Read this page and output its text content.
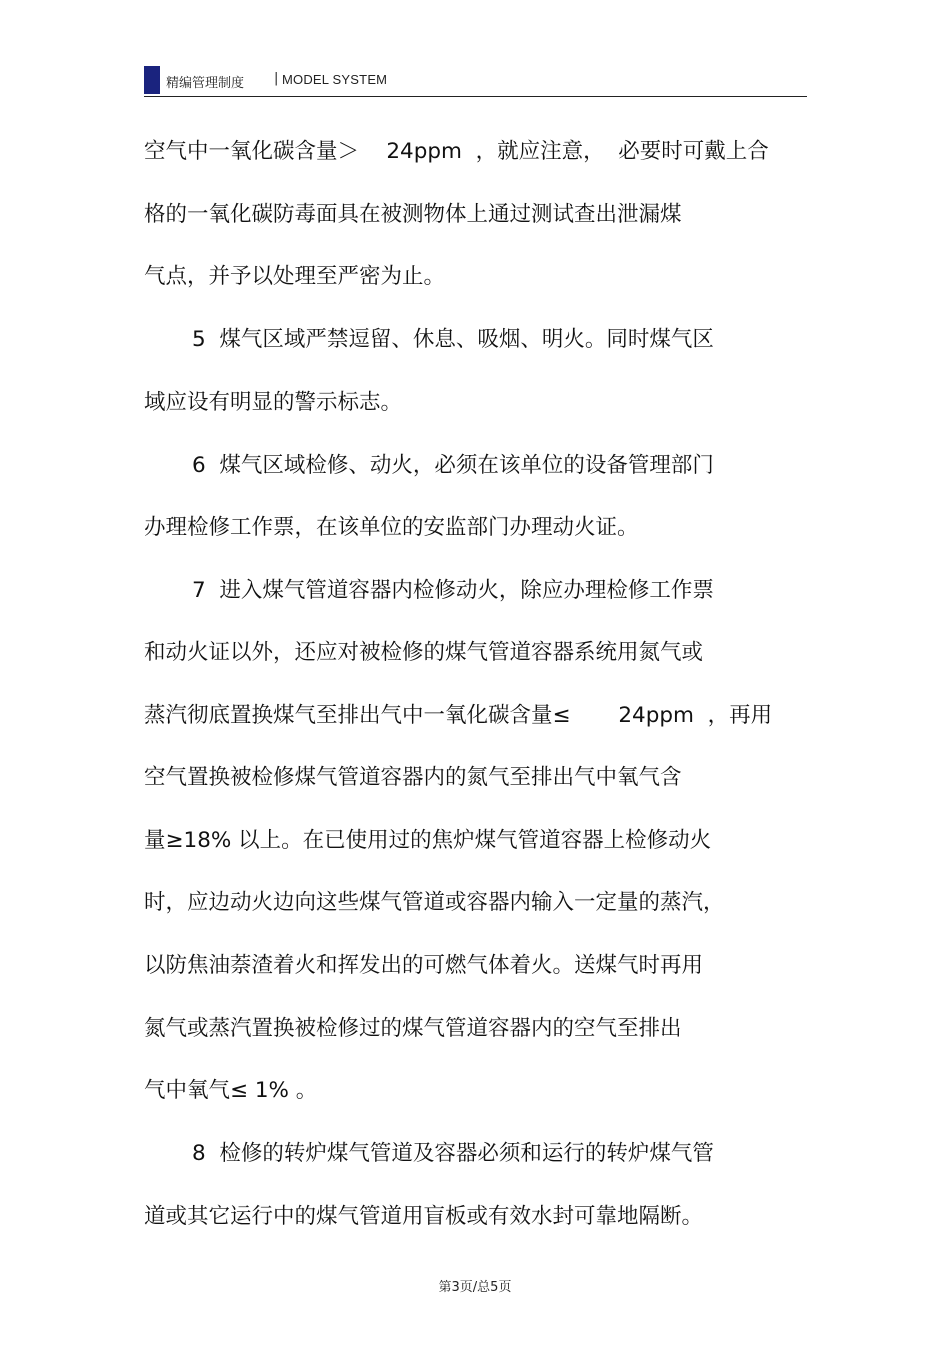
精编管理制度 | MODEL SYSTEM
空气中一氧化碳含量＞    24ppm  ，就应注意，  必要时可戴上合
格的一氧化碳防毒面具在被测物体上通过测试查出泄漏煤
气点，并予以处理至严密为止。
5  煤气区域严禁逗留、休息、吸烟、明火。同时煤气区
域应设有明显的警示标志。
6  煤气区域检修、动火，必须在该单位的设备管理部门
办理检修工作票，在该单位的安监部门办理动火证。
7  进入煤气管道容器内检修动火，除应办理检修工作票
和动火证以外，还应对被检修的煤气管道容器系统用氮气或
蒸汽彻底置换煤气至排出气中一氧化碳含量≤       24ppm  ，再用
空气置换被检修煤气管道容器内的氮气至排出气中氧气含
量≥18% 以上。在已使用过的焦炉煤气管道容器上检修动火
时，应边动火边向这些煤气管道或容器内输入一定量的蒸汽，
以防焦油萘渣着火和挥发出的可燃气体着火。送煤气时再用
氮气或蒸汽置换被检修过的煤气管道容器内的空气至排出
气中氧气≤ 1% 。
8  检修的转炉煤气管道及容器必须和运行的转炉煤气管
道或其它运行中的煤气管道用盲板或有效水封可靠地隔断。
第3页/总5页
